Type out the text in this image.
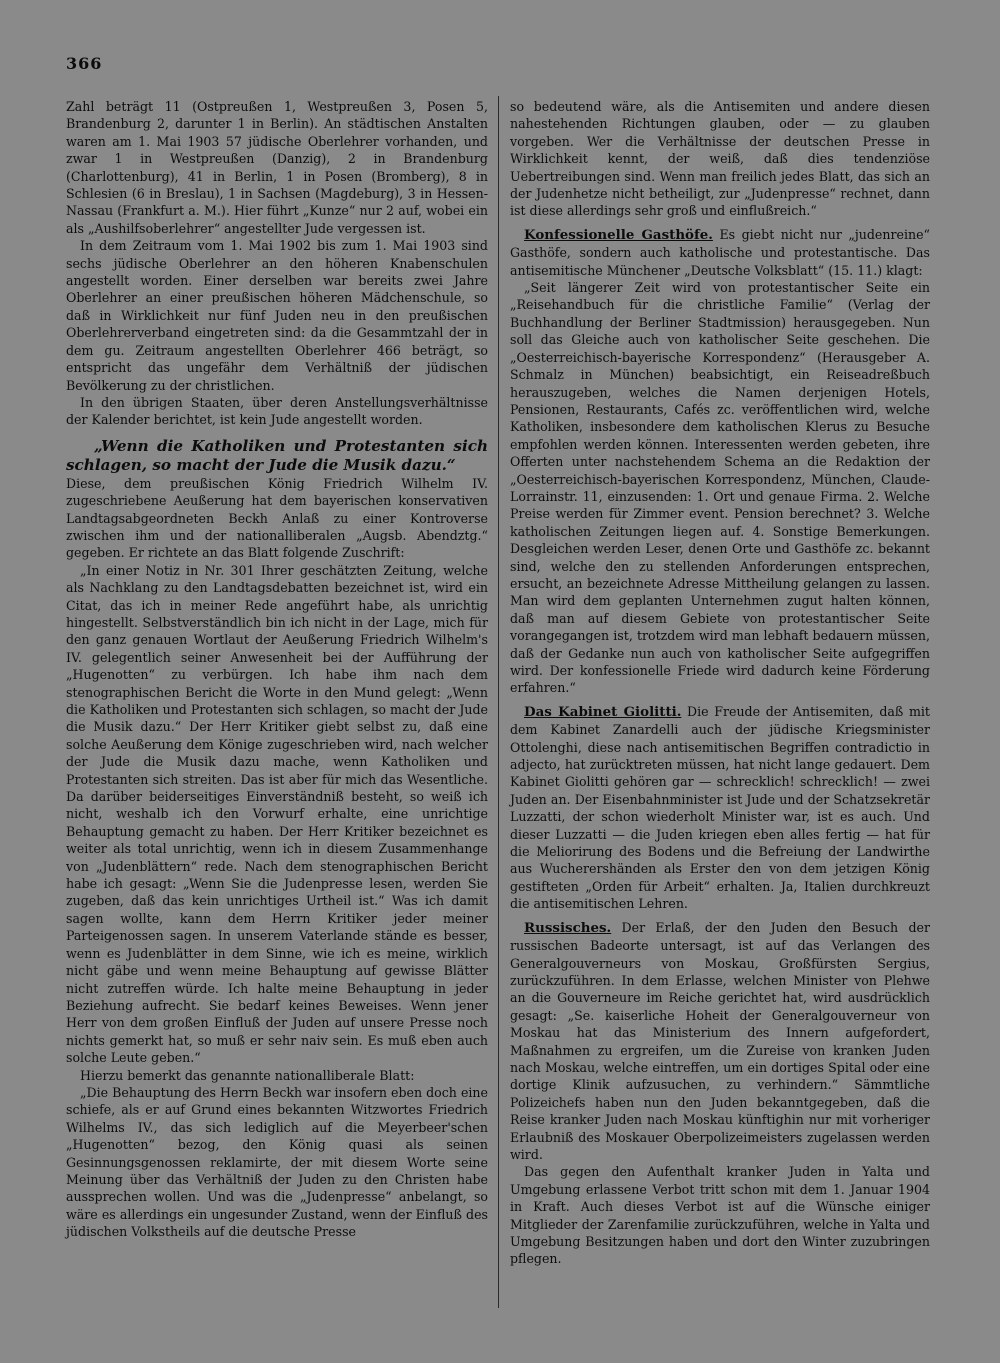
366

Zahl beträgt 11 (Ostpreußen 1, Westpreußen 3, Posen 5, Brandenburg 2, darunter 1 in Berlin). An städtischen Anstalten waren am 1. Mai 1903 57 jüdische Oberlehrer vorhanden, und zwar 1 in Westpreußen (Danzig), 2 in Brandenburg (Charlottenburg), 41 in Berlin, 1 in Posen (Bromberg), 8 in Schlesien (6 in Breslau), 1 in Sachsen (Magdeburg), 3 in Hessen-Nassau (Frankfurt a. M.). Hier führt „Kunze“ nur 2 auf, wobei ein als „Aushilfsoberlehrer“ angestellter Jude vergessen ist.

In dem Zeitraum vom 1. Mai 1902 bis zum 1. Mai 1903 sind sechs jüdische Oberlehrer an den höheren Knabenschulen angestellt worden. Einer derselben war bereits zwei Jahre Oberlehrer an einer preußischen höheren Mädchenschule, so daß in Wirklichkeit nur fünf Juden neu in den preußischen Oberlehrerverband eingetreten sind: da die Gesammtzahl der in dem gu. Zeitraum angestellten Oberlehrer 466 beträgt, so entspricht das ungefähr dem Verhältniß der jüdischen Bevölkerung zu der christlichen.

In den übrigen Staaten, über deren Anstellungsverhältnisse der Kalender berichtet, ist kein Jude angestellt worden.

„Wenn die Katholiken und Protestanten sich schlagen, so macht der Jude die Musik dazu.“

Diese, dem preußischen König Friedrich Wilhelm IV. zugeschriebene Aeußerung hat dem bayerischen konservativen Landtagsabgeordneten Beckh Anlaß zu einer Kontroverse zwischen ihm und der nationalliberalen „Augsb. Abendztg.“ gegeben. Er richtete an das Blatt folgende Zuschrift:

„In einer Notiz in Nr. 301 Ihrer geschätzten Zeitung, welche als Nachklang zu den Landtagsdebatten bezeichnet ist, wird ein Citat, das ich in meiner Rede angeführt habe, als unrichtig hingestellt. Selbstverständlich bin ich nicht in der Lage, mich für den ganz genauen Wortlaut der Aeußerung Friedrich Wilhelm's IV. gelegentlich seiner Anwesenheit bei der Aufführung der „Hugenotten“ zu verbürgen. Ich habe ihm nach dem stenographischen Bericht die Worte in den Mund gelegt: „Wenn die Katholiken und Protestanten sich schlagen, so macht der Jude die Musik dazu.“ Der Herr Kritiker giebt selbst zu, daß eine solche Aeußerung dem Könige zugeschrieben wird, nach welcher der Jude die Musik dazu mache, wenn Katholiken und Protestanten sich streiten. Das ist aber für mich das Wesentliche. Da darüber beiderseitiges Einverständniß besteht, so weiß ich nicht, weshalb ich den Vorwurf erhalte, eine unrichtige Behauptung gemacht zu haben. Der Herr Kritiker bezeichnet es weiter als total unrichtig, wenn ich in diesem Zusammenhange von „Judenblättern“ rede. Nach dem stenographischen Bericht habe ich gesagt: „Wenn Sie die Judenpresse lesen, werden Sie zugeben, daß das kein unrichtiges Urtheil ist.“ Was ich damit sagen wollte, kann dem Herrn Kritiker jeder meiner Parteigenossen sagen. In unserem Vaterlande stände es besser, wenn es Judenblätter in dem Sinne, wie ich es meine, wirklich nicht gäbe und wenn meine Behauptung auf gewisse Blätter nicht zutreffen würde. Ich halte meine Behauptung in jeder Beziehung aufrecht. Sie bedarf keines Beweises. Wenn jener Herr von dem großen Einfluß der Juden auf unsere Presse noch nichts gemerkt hat, so muß er sehr naiv sein. Es muß eben auch solche Leute geben.“

Hierzu bemerkt das genannte nationalliberale Blatt:

„Die Behauptung des Herrn Beckh war insofern eben doch eine schiefe, als er auf Grund eines bekannten Witzwortes Friedrich Wilhelms IV., das sich lediglich auf die Meyerbeer'schen „Hugenotten“ bezog, den König quasi als seinen Gesinnungsgenossen reklamirte, der mit diesem Worte seine Meinung über das Verhältniß der Juden zu den Christen habe aussprechen wollen. Und was die „Judenpresse“ anbelangt, so wäre es allerdings ein ungesunder Zustand, wenn der Einfluß des jüdischen Volkstheils auf die deutsche Presse

so bedeutend wäre, als die Antisemiten und andere diesen nahestehenden Richtungen glauben, oder — zu glauben vorgeben. Wer die Verhältnisse der deutschen Presse in Wirklichkeit kennt, der weiß, daß dies tendenziöse Uebertreibungen sind. Wenn man freilich jedes Blatt, das sich an der Judenhetze nicht betheiligt, zur „Judenpresse“ rechnet, dann ist diese allerdings sehr groß und einflußreich.“

Konfessionelle Gasthöfe. Es giebt nicht nur „judenreine“ Gasthöfe, sondern auch katholische und protestantische. Das antisemitische Münchener „Deutsche Volksblatt“ (15. 11.) klagt:

„Seit längerer Zeit wird von protestantischer Seite ein „Reisehandbuch für die christliche Familie“ (Verlag der Buchhandlung der Berliner Stadtmission) herausgegeben. Nun soll das Gleiche auch von katholischer Seite geschehen. Die „Oesterreichisch-bayerische Korrespondenz“ (Herausgeber A. Schmalz in München) beabsichtigt, ein Reiseadreßbuch herauszugeben, welches die Namen derjenigen Hotels, Pensionen, Restaurants, Cafés zc. veröffentlichen wird, welche Katholiken, insbesondere dem katholischen Klerus zu Besuche empfohlen werden können. Interessenten werden gebeten, ihre Offerten unter nachstehendem Schema an die Redaktion der „Oesterreichisch-bayerischen Korrespondenz, München, Claude-Lorrainstr. 11, einzusenden: 1. Ort und genaue Firma. 2. Welche Preise werden für Zimmer event. Pension berechnet? 3. Welche katholischen Zeitungen liegen auf. 4. Sonstige Bemerkungen. Desgleichen werden Leser, denen Orte und Gasthöfe zc. bekannt sind, welche den zu stellenden Anforderungen entsprechen, ersucht, an bezeichnete Adresse Mittheilung gelangen zu lassen. Man wird dem geplanten Unternehmen zugut halten können, daß man auf diesem Gebiete von protestantischer Seite vorangegangen ist, trotzdem wird man lebhaft bedauern müssen, daß der Gedanke nun auch von katholischer Seite aufgegriffen wird. Der konfessionelle Friede wird dadurch keine Förderung erfahren.“

Das Kabinet Giolitti. Die Freude der Antisemiten, daß mit dem Kabinet Zanardelli auch der jüdische Kriegsminister Ottolenghi, diese nach antisemitischen Begriffen contradictio in adjecto, hat zurücktreten müssen, hat nicht lange gedauert. Dem Kabinet Giolitti gehören gar — schrecklich! schrecklich! — zwei Juden an. Der Eisenbahnminister ist Jude und der Schatzsekretär Luzzatti, der schon wiederholt Minister war, ist es auch. Und dieser Luzzatti — die Juden kriegen eben alles fertig — hat für die Meliorirung des Bodens und die Befreiung der Landwirthe aus Wucherershänden als Erster den von dem jetzigen König gestifteten „Orden für Arbeit“ erhalten. Ja, Italien durchkreuzt die antisemitischen Lehren.

Russisches. Der Erlaß, der den Juden den Besuch der russischen Badeorte untersagt, ist auf das Verlangen des Generalgouverneurs von Moskau, Großfürsten Sergius, zurückzuführen. In dem Erlasse, welchen Minister von Plehwe an die Gouverneure im Reiche gerichtet hat, wird ausdrücklich gesagt: „Se. kaiserliche Hoheit der Generalgouverneur von Moskau hat das Ministerium des Innern aufgefordert, Maßnahmen zu ergreifen, um die Zureise von kranken Juden nach Moskau, welche eintreffen, um ein dortiges Spital oder eine dortige Klinik aufzusuchen, zu verhindern.“ Sämmtliche Polizeichefs haben nun den Juden bekanntgegeben, daß die Reise kranker Juden nach Moskau künftighin nur mit vorheriger Erlaubniß des Moskauer Oberpolizeimeisters zugelassen werden wird.

Das gegen den Aufenthalt kranker Juden in Yalta und Umgebung erlassene Verbot tritt schon mit dem 1. Januar 1904 in Kraft. Auch dieses Verbot ist auf die Wünsche einiger Mitglieder der Zarenfamilie zurückzuführen, welche in Yalta und Umgebung Besitzungen haben und dort den Winter zuzubringen pflegen.
